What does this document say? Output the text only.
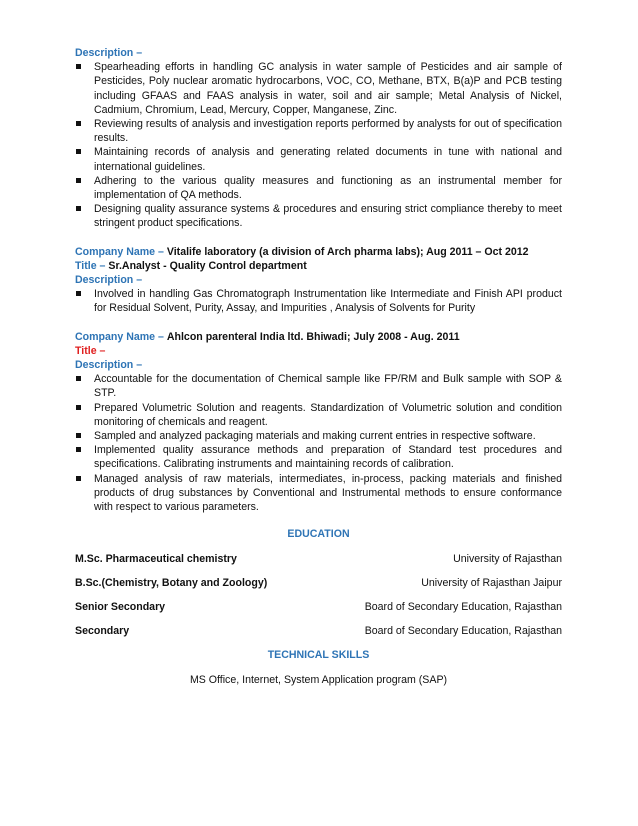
Description –

Spearheading efforts in handling GC analysis in water sample of Pesticides and air sample of Pesticides, Poly nuclear aromatic hydrocarbons, VOC, CO, Methane, BTX, B(a)P and PCB testing including GFAAS and FAAS analysis in water, soil and air sample; Metal Analysis of Nickel, Cadmium, Chromium, Lead, Mercury, Copper, Manganese, Zinc.
Reviewing results of analysis and investigation reports performed by analysts for out of specification results.
Maintaining records of analysis and generating related documents in tune with national and international guidelines.
Adhering to the various quality measures and functioning as an instrumental member for implementation of QA methods.
Designing quality assurance systems & procedures and ensuring strict compliance thereby to meet stringent product specifications.

Company Name – Vitalife laboratory (a division of Arch pharma labs); Aug 2011 – Oct 2012

Title – Sr.Analyst - Quality Control department

Description –

Involved in handling Gas Chromatograph Instrumentation like Intermediate and Finish API product for Residual Solvent, Purity, Assay, and Impurities , Analysis of Solvents for Purity

Company Name – Ahlcon parenteral India ltd. Bhiwadi; July 2008 - Aug. 2011

Title –

Description –

Accountable for the documentation of Chemical sample like FP/RM and Bulk sample with SOP & STP.
Prepared Volumetric Solution and reagents. Standardization of Volumetric solution and condition monitoring of chemicals and reagent.
Sampled and analyzed packaging materials and making current entries in respective software.
Implemented quality assurance methods and preparation of Standard test procedures and specifications. Calibrating instruments and maintaining records of calibration.
Managed analysis of raw materials, intermediates, in-process, packing materials and finished products of drug substances by Conventional and Instrumental methods to ensure conformance with respect to various parameters.

EDUCATION

M.Sc. Pharmaceutical chemistry	University of Rajasthan
B.Sc.(Chemistry, Botany and Zoology)	University of Rajasthan Jaipur
Senior Secondary	Board of Secondary Education, Rajasthan
Secondary	Board of Secondary Education, Rajasthan

TECHNICAL SKILLS

MS Office, Internet, System Application program (SAP)
